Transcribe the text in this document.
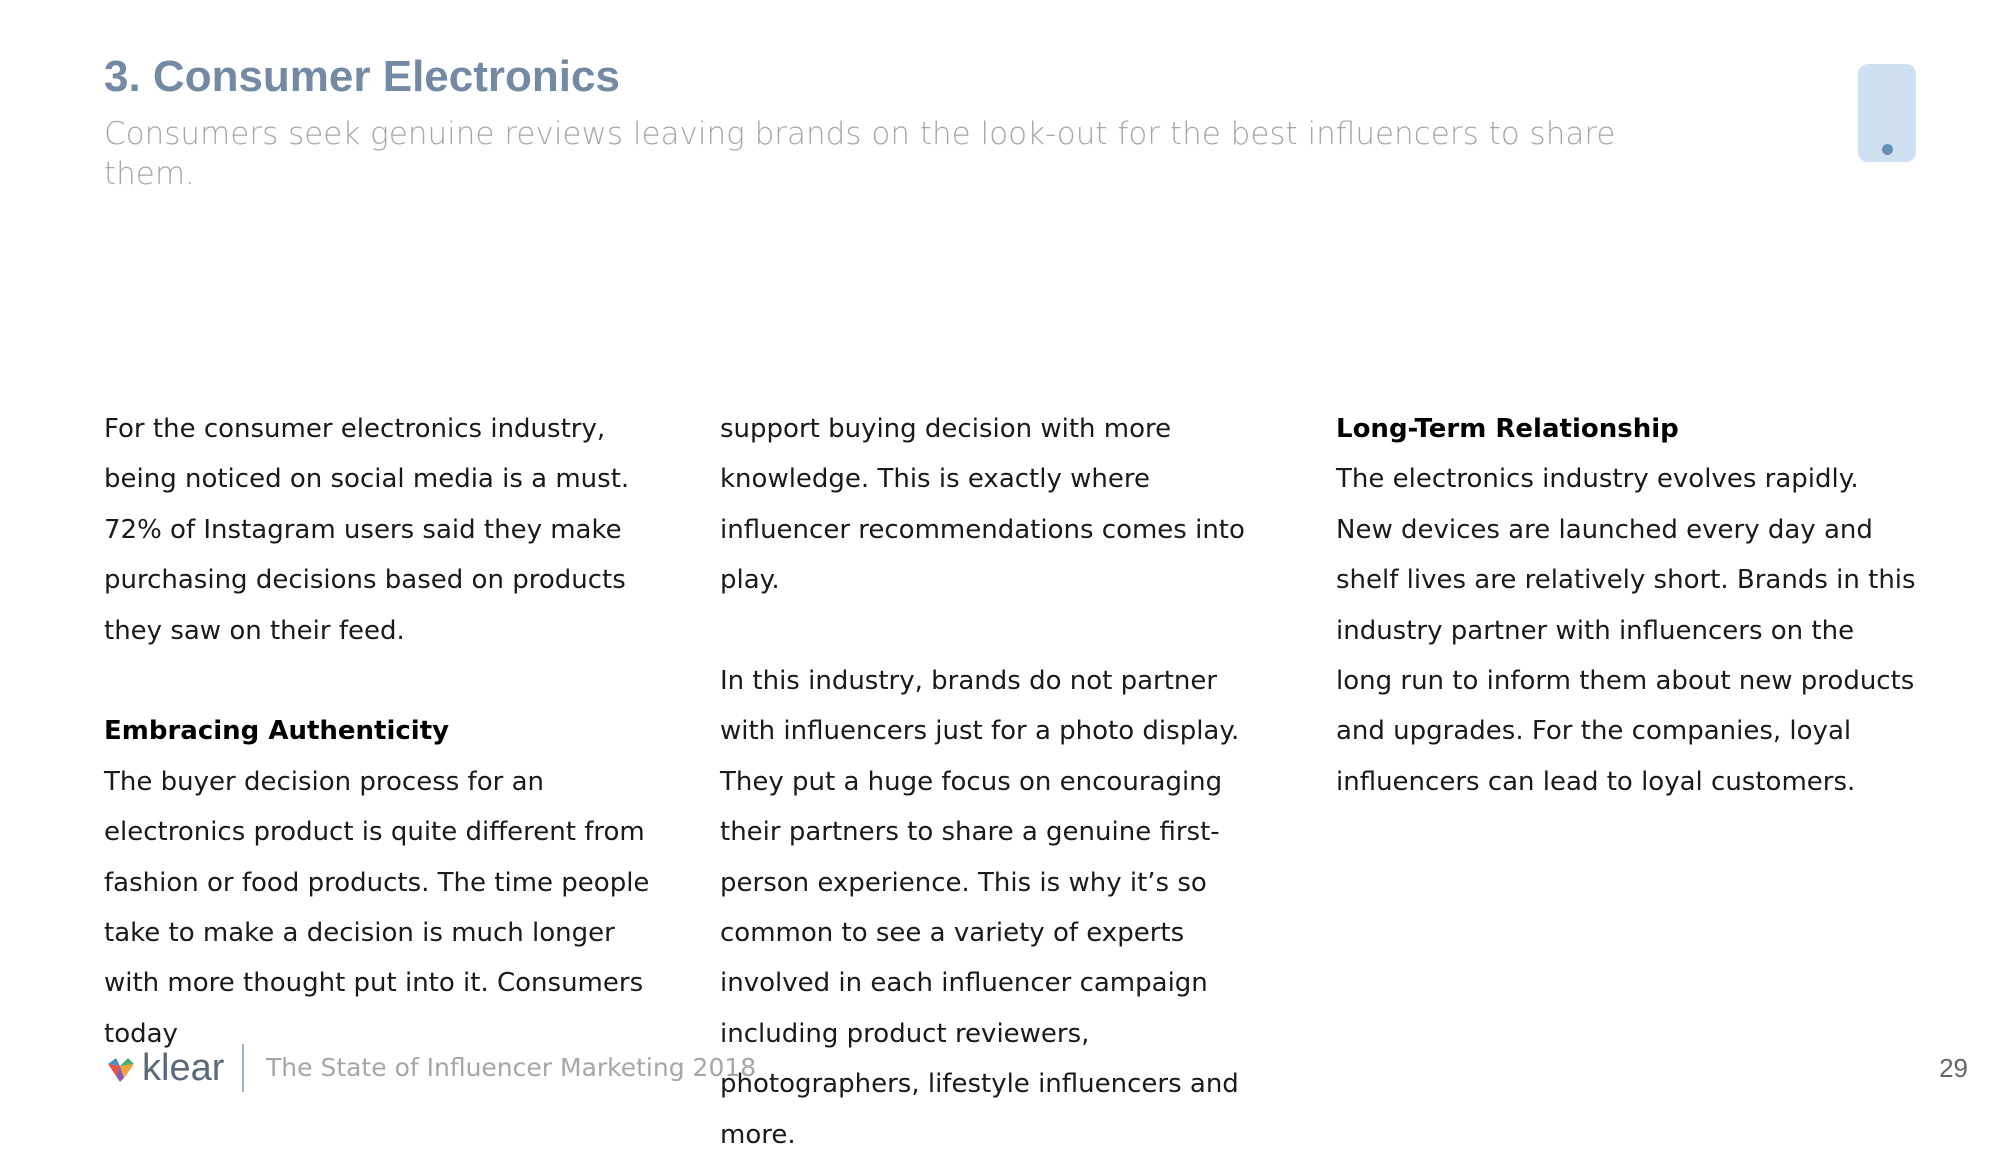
3. Consumer Electronics

Consumers seek genuine reviews leaving brands on the look-out for the best influencers to share them.

For the consumer electronics industry, being noticed on social media is a must. 72% of Instagram users said they make purchasing decisions based on products they saw on their feed.

Embracing Authenticity

The buyer decision process for an electronics product is quite different from fashion or food products. The time people take to make a decision is much longer with more thought put into it. Consumers today

support buying decision with more knowledge. This is exactly where influencer recommendations comes into play.

In this industry, brands do not partner with influencers just for a photo display. They put a huge focus on encouraging their partners to share a genuine first-person experience. This is why it’s so common to see a variety of experts involved in each influencer campaign including product reviewers, photographers, lifestyle influencers and more.

Long-Term Relationship

The electronics industry evolves rapidly. New devices are launched every day and shelf lives are relatively short. Brands in this industry partner with influencers on the long run to inform them about new products and upgrades. For the companies, loyal influencers can lead to loyal customers.

klear The State of Influencer Marketing 2018	29
